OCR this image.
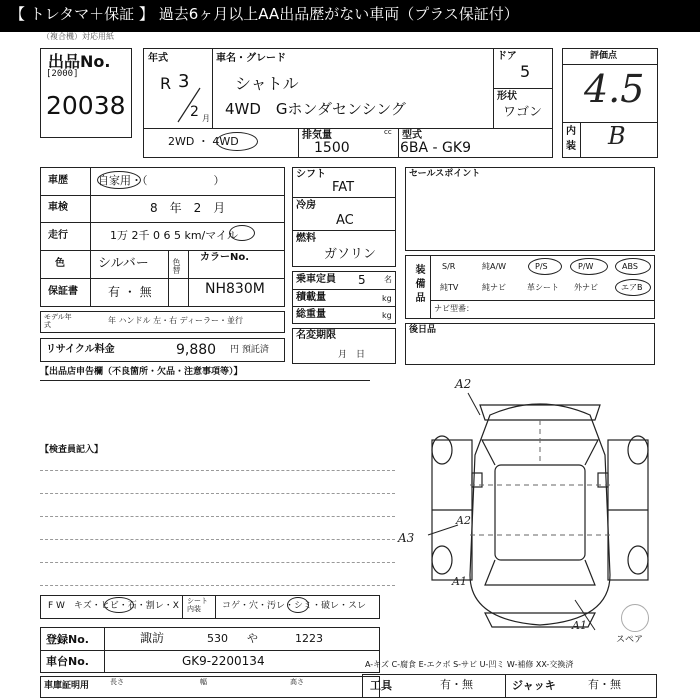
【 トレタマ＋保証 】 過去6ヶ月以上AA出品歴がない車両（プラス保証付）
（複合機）対応用紙
出品No.
[2000]
20038
年式
R 3
2 月
車名・グレード
シャトル
4WD　Gホンダセンシング
ドア
5
形状
ワゴン
2WD ・ 4WD	排気量	cc
1500
型式
6BA - GK9
評価点
4.5
内
装 B
車歴	自家用・（　　　　　　）
車検	8　年　2　月
走行	1万 2千 0 6 5 km/マイル
色	シルバー	色替
カラーNo.
NH830M
保証書	有 ・ 無
モデル年式	年 ハンドル 左・右 ディーラー・並行
リサイクル料金	9,880 円 預託済
シフト
FAT
冷房
AC
燃料
ガソリン
乗車定員 5 名
積載量	kg
総重量	kg
名変期限
月　日
セールスポイント
装備品 S/R	純A/W	P/S	P/W	ABS
純TV	純ナビ	革シート 外ナビ	エアB
ナビ型番：
後日品
【出品店申告欄（不良箇所・欠品・注意事項等）】
【検査員記入】
A2
A2
A3
A1
A1
スペア
F W　キズ・ヒビ・石・割レ・X シート内装	コゲ・穴・汚レ・シミ・破レ・スレ
登録No.	諏訪	530 や	1223
車台No.	GK9-2200134
車庫証明用	長さ	幅	高さ
A-キズ C-腐食 E-エクボ S-サビ U-凹ミ W-補修 XX-交換済
工具	有・無	ジャッキ	有・無
